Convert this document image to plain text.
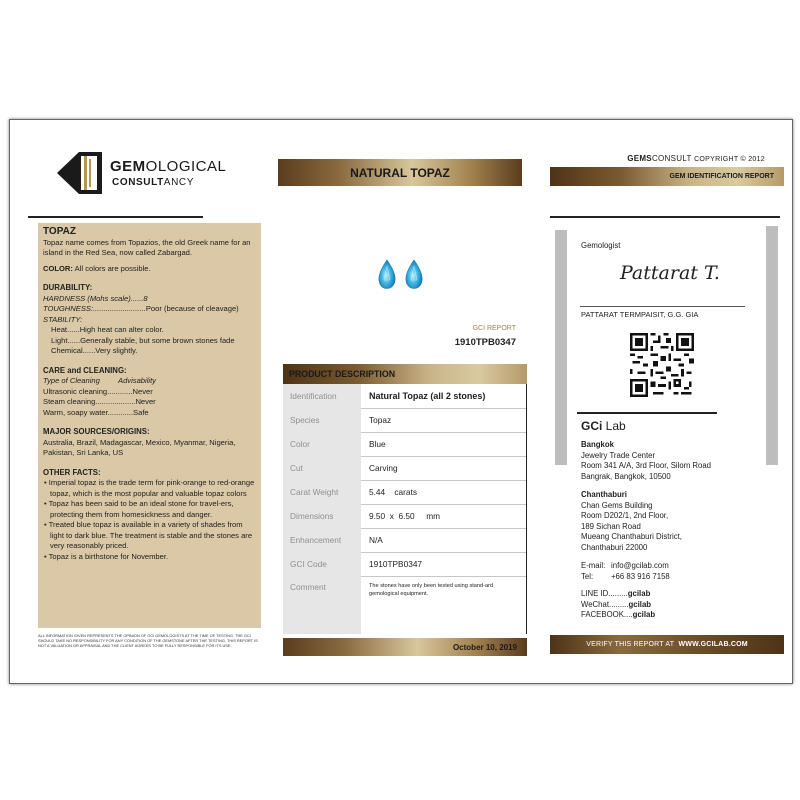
GEMOLOGICAL
CONSULTANCY
TOPAZ
Topaz name comes from Topazios, the old Greek name for an island in the Red Sea, now called Zabargad.
COLOR: All colors are possible.
DURABILITY:
HARDNESS (Mohs scale)......8
TOUGHNESS:.........................Poor (because of cleavage)
STABILITY:
Heat......High heat can alter color.
Light......Generally stable, but some brown stones fade
Chemical......Very slightly.
CARE and CLEANING:
Type of Cleaning	Advisability
Ultrasonic cleaning............Never
Steam cleaning...................Never
Warm, soapy water............Safe
MAJOR SOURCES/ORIGINS:
Australia, Brazil, Madagascar, Mexico, Myanmar, Nigeria, Pakistan, Sri Lanka, US
OTHER FACTS:
• Imperial topaz is the trade term for pink-orange to red-orange topaz, which is the most popular and valuable topaz colors
• Topaz has been said to be an ideal stone for travel-ers, protecting them from homesickness and danger.
• Treated blue topaz is available in a variety of shades from light to dark blue. The treatment is stable and the stones are very reasonably priced.
• Topaz is a birthstone for November.
ALL INFORMATION GIVEN REPRESENTS THE OPINION OF GCI GEMOLOGISTS AT THE TIME OF TESTING. THE GCI SHOULD TAKE NO RESPONSIBILITY FOR ANY CONDITION OF THE GEMSTONE AFTER THE TESTING. THIS REPORT IS NOT A VALUATION OR APPRAISAL AND THE CLIENT AGREES TO BE FULLY RESPONSIBLE FOR ITS USE.
NATURAL TOPAZ
GCI REPORT
1910TPB0347
PRODUCT DESCRIPTION
Identification	Natural Topaz (all 2 stones)
Species	Topaz
Color	Blue
Cut	Carving
Carat Weight	5.44    carats
Dimensions	9.50  x  6.50     mm
Enhancement	N/A
GCI Code	1910TPB0347
Comment	The stones have only been tested using stand-ard gemological equipment.
October 10, 2019
GEMSCONSULT COPYRIGHT © 2012
GEM IDENTIFICATION REPORT
Gemologist
Pattarat T.
PATTARAT TERMPAISIT, G.G. GIA
GCi Lab
Bangkok
Jewelry Trade Center
Room 341 A/A, 3rd Floor, Silom Road
Bangrak, Bangkok, 10500
Chanthaburi
Chan Gems Building
Room D202/1, 2nd Floor,
189 Sichan Road
Mueang Chanthaburi District,
Chanthaburi 22000
E-mail: info@gcilab.com
Tel: +66 83 916 7158
LINE ID.........gcilab
WeChat.........gcilab
FACEBOOK....gcilab
VERIFY THIS REPORT AT
WWW.GCILAB.COM
